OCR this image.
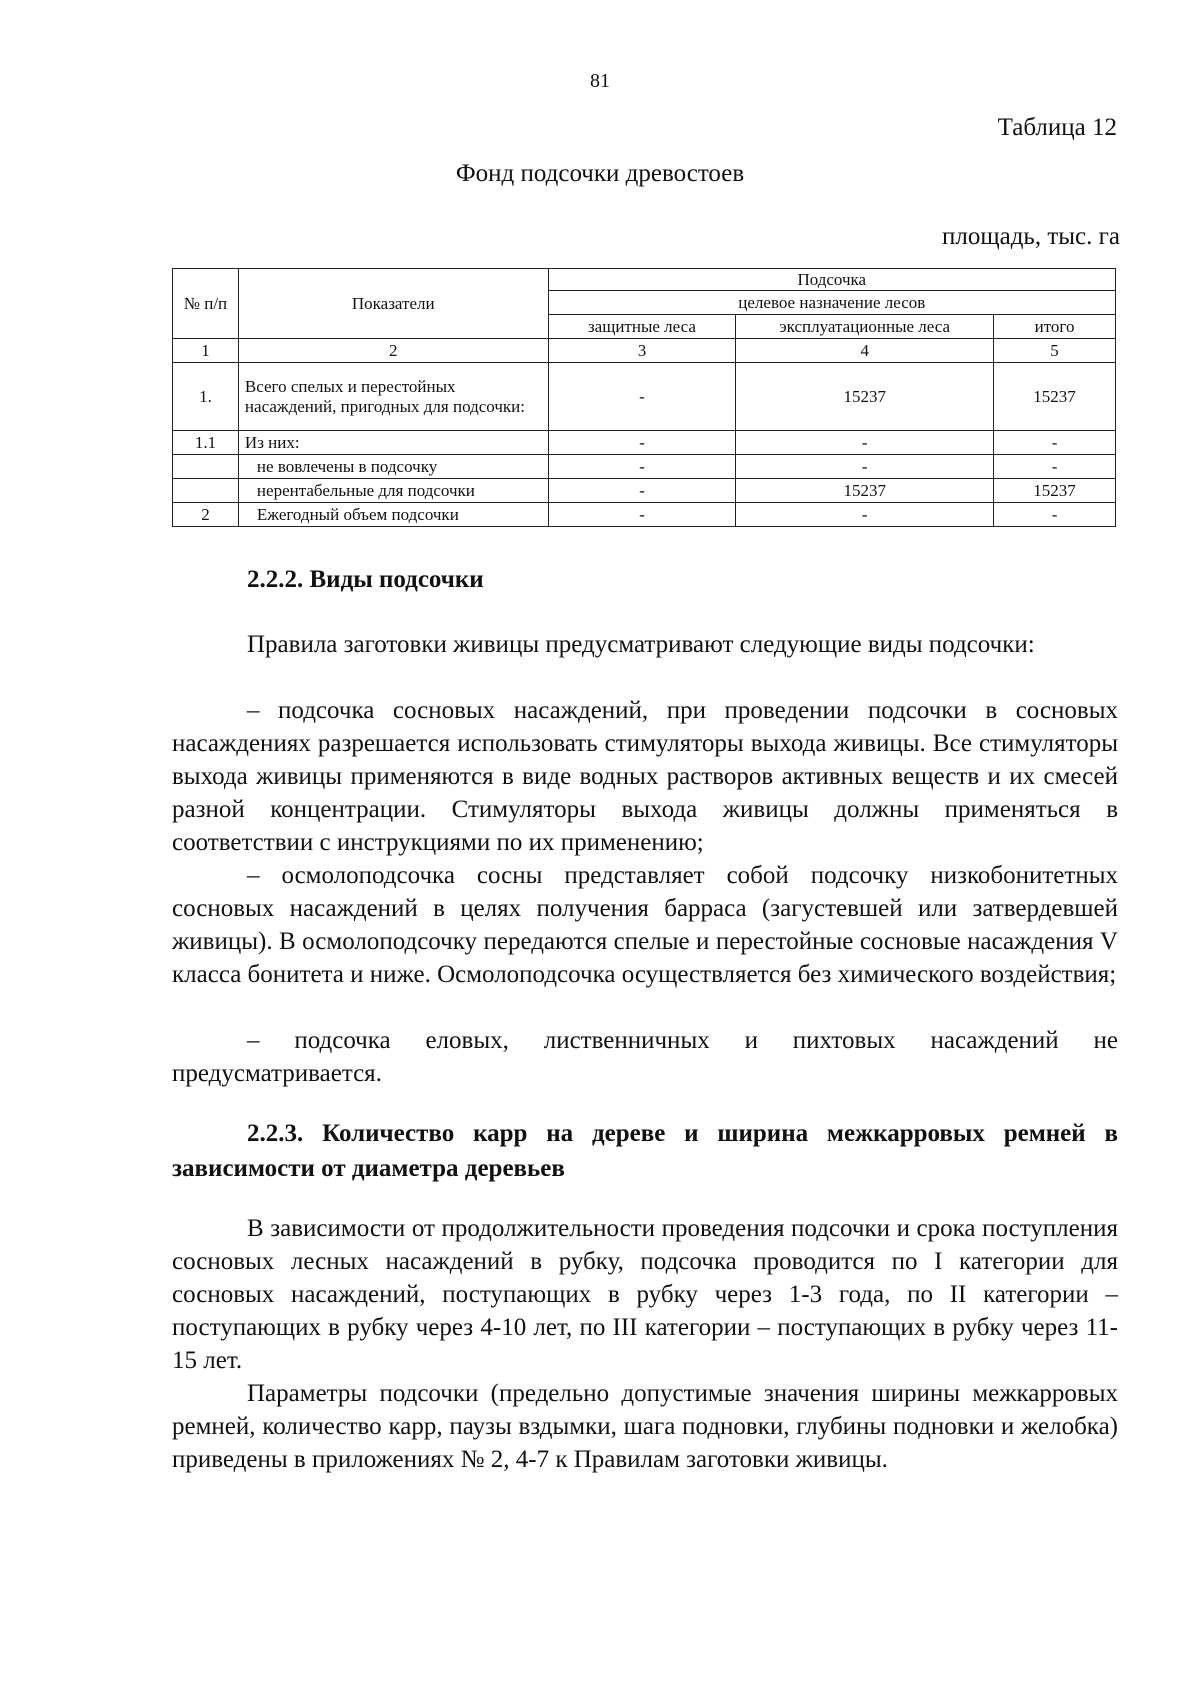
81
Таблица 12
Фонд подсочки древостоев
площадь, тыс. га
№ п/п	Показатели	Подсочка		
		целевое назначение лесов		
		защитные леса	эксплуатационные леса	итого
1	2	3	4	5
1.	Всего спелых и перестойных насаждений, пригодных для подсочки:	-	15237	15237
1.1	Из них:	-	-	-
	не вовлечены в подсочку	-	-	-
	нерентабельные для подсочки	-	15237	15237
2	Ежегодный объем подсочки	-	-	-
2.2.2. Виды подсочки

Правила заготовки живицы предусматривают следующие виды подсочки:

– подсочка сосновых насаждений, при проведении подсочки в сосновых насаждениях разрешается использовать стимуляторы выхода живицы. Все стимуляторы выхода живицы применяются в виде водных растворов активных веществ и их смесей разной концентрации. Стимуляторы выхода живицы должны применяться в соответствии с инструкциями по их применению;

– осмолоподсочка сосны представляет собой подсочку низкобонитетных сосновых насаждений в целях получения барраса (загустевшей или затвердевшей живицы). В осмолоподсочку передаются спелые и перестойные сосновые насаждения V класса бонитета и ниже. Осмолоподсочка осуществляется без химического воздействия;

– подсочка еловых, лиственничных и пихтовых насаждений не предусматривается.

2.2.3. Количество карр на дереве и ширина межкарровых ремней в зависимости от диаметра деревьев

В зависимости от продолжительности проведения подсочки и срока поступления сосновых лесных насаждений в рубку, подсочка проводится по I категории для сосновых насаждений, поступающих в рубку через 1-3 года, по II категории – поступающих в рубку через 4-10 лет, по III категории – поступающих в рубку через 11-15 лет.

Параметры подсочки (предельно допустимые значения ширины межкарровых ремней, количество карр, паузы вздымки, шага подновки, глубины подновки и желобка) приведены в приложениях № 2, 4-7 к Правилам заготовки живицы.
